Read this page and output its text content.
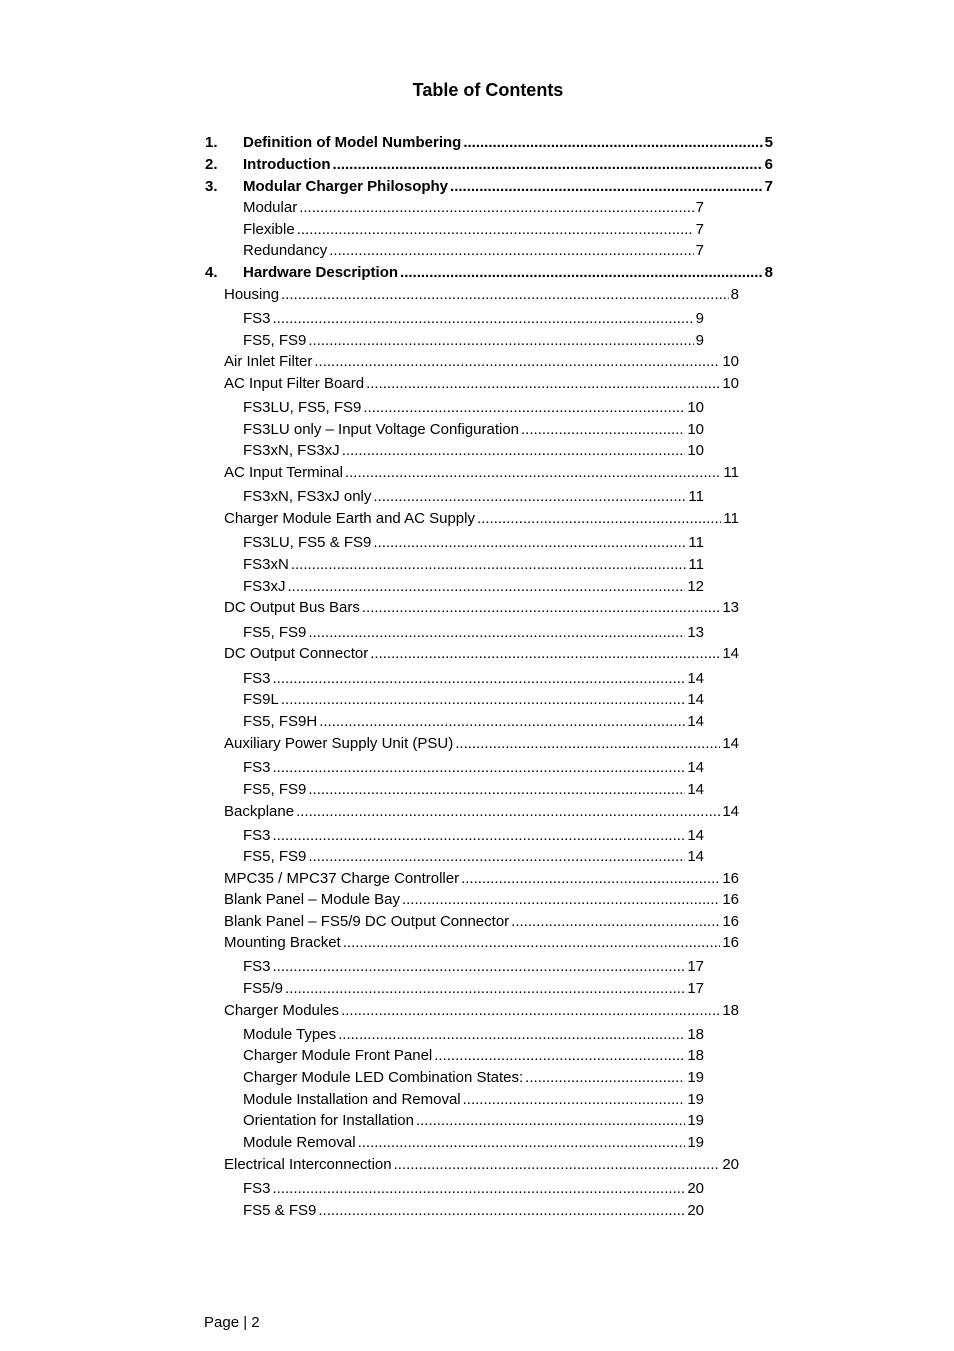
Table of Contents
1. Definition of Model Numbering .....	5
2. Introduction .....	6
3. Modular Charger Philosophy .....	7
Modular .....	7
Flexible .....	7
Redundancy .....	7
4. Hardware Description .....	8
Housing .....	8
FS3 .....	9
FS5, FS9 .....	9
Air Inlet Filter .....	10
AC Input Filter Board .....	10
FS3LU, FS5, FS9 .....	10
FS3LU only – Input Voltage Configuration .....	10
FS3xN, FS3xJ .....	10
AC Input Terminal .....	11
FS3xN, FS3xJ only .....	11
Charger Module Earth and AC Supply .....	11
FS3LU, FS5 & FS9 .....	11
FS3xN .....	11
FS3xJ .....	12
DC Output Bus Bars .....	13
FS5, FS9 .....	13
DC Output Connector .....	14
FS3 .....	14
FS9L .....	14
FS5, FS9H .....	14
Auxiliary Power Supply Unit (PSU) .....	14
FS3 .....	14
FS5, FS9 .....	14
Backplane .....	14
FS3 .....	14
FS5, FS9 .....	14
MPC35 / MPC37 Charge Controller .....	16
Blank Panel – Module Bay .....	16
Blank Panel – FS5/9 DC Output Connector .....	16
Mounting Bracket .....	16
FS3 .....	17
FS5/9 .....	17
Charger Modules .....	18
Module Types .....	18
Charger Module Front Panel .....	18
Charger Module LED Combination States: .....	19
Module Installation and Removal .....	19
Orientation for Installation .....	19
Module Removal .....	19
Electrical Interconnection .....	20
FS3 .....	20
FS5 & FS9 .....	20
Page | 2
